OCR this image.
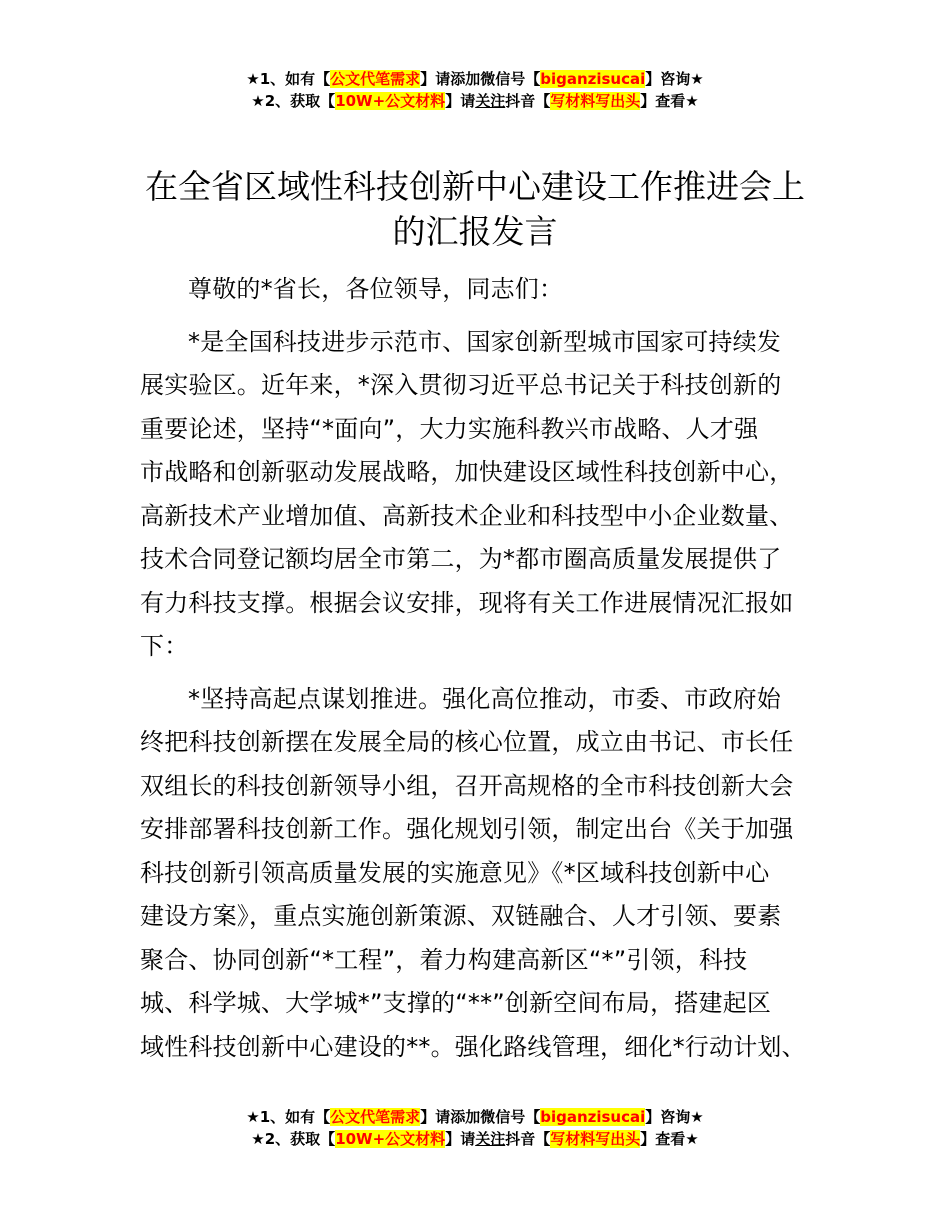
★1、如有【公文代笔需求】请添加微信号【biganzisucai】咨询★
★2、获取【10W+公文材料】请关注抖音【写材料写出头】查看★
在全省区域性科技创新中心建设工作推进会上
的汇报发言

尊敬的*省长，各位领导，同志们：

*是全国科技进步示范市、国家创新型城市国家可持续发

展实验区。近年来，*深入贯彻习近平总书记关于科技创新的

重要论述，坚持“*面向”，大力实施科教兴市战略、人才强

市战略和创新驱动发展战略，加快建设区域性科技创新中心，

高新技术产业增加值、高新技术企业和科技型中小企业数量、

技术合同登记额均居全市第二，为*都市圈高质量发展提供了

有力科技支撑。根据会议安排，现将有关工作进展情况汇报如

下：

*坚持高起点谋划推进。强化高位推动，市委、市政府始

终把科技创新摆在发展全局的核心位置，成立由书记、市长任

双组长的科技创新领导小组，召开高规格的全市科技创新大会

安排部署科技创新工作。强化规划引领，制定出台《关于加强

科技创新引领高质量发展的实施意见》《*区域科技创新中心

建设方案》，重点实施创新策源、双链融合、人才引领、要素

聚合、协同创新“*工程”，着力构建高新区“*”引领，科技

城、科学城、大学城*”支撑的“**”创新空间布局，搭建起区

域性科技创新中心建设的**。强化路线管理，细化*行动计划、

★1、如有【公文代笔需求】请添加微信号【biganzisucai】咨询★
★2、获取【10W+公文材料】请关注抖音【写材料写出头】查看★
